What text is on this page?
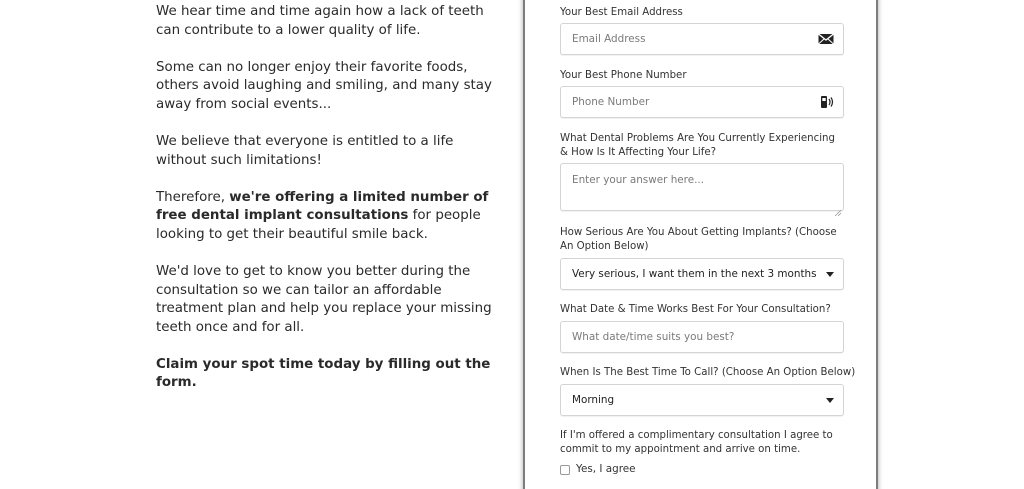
We hear time and time again how a lack of teeth can contribute to a lower quality of life.

Some can no longer enjoy their favorite foods, others avoid laughing and smiling, and many stay away from social events...

We believe that everyone is entitled to a life without such limitations!

Therefore, we're offering a limited number of free dental implant consultations for people looking to get their beautiful smile back.

We'd love to get to know you better during the consultation so we can tailor an affordable treatment plan and help you replace your missing teeth once and for all.

Claim your spot time today by filling out the form.

Your Best Email Address
Email Address
Your Best Phone Number
Phone Number
What Dental Problems Are You Currently Experiencing & How Is It Affecting Your Life?
Enter your answer here...
How Serious Are You About Getting Implants? (Choose An Option Below)
Very serious, I want them in the next 3 months
What Date & Time Works Best For Your Consultation?
What date/time suits you best?
When Is The Best Time To Call? (Choose An Option Below)
Morning
If I'm offered a complimentary consultation I agree to commit to my appointment and arrive on time.
Yes, I agree
